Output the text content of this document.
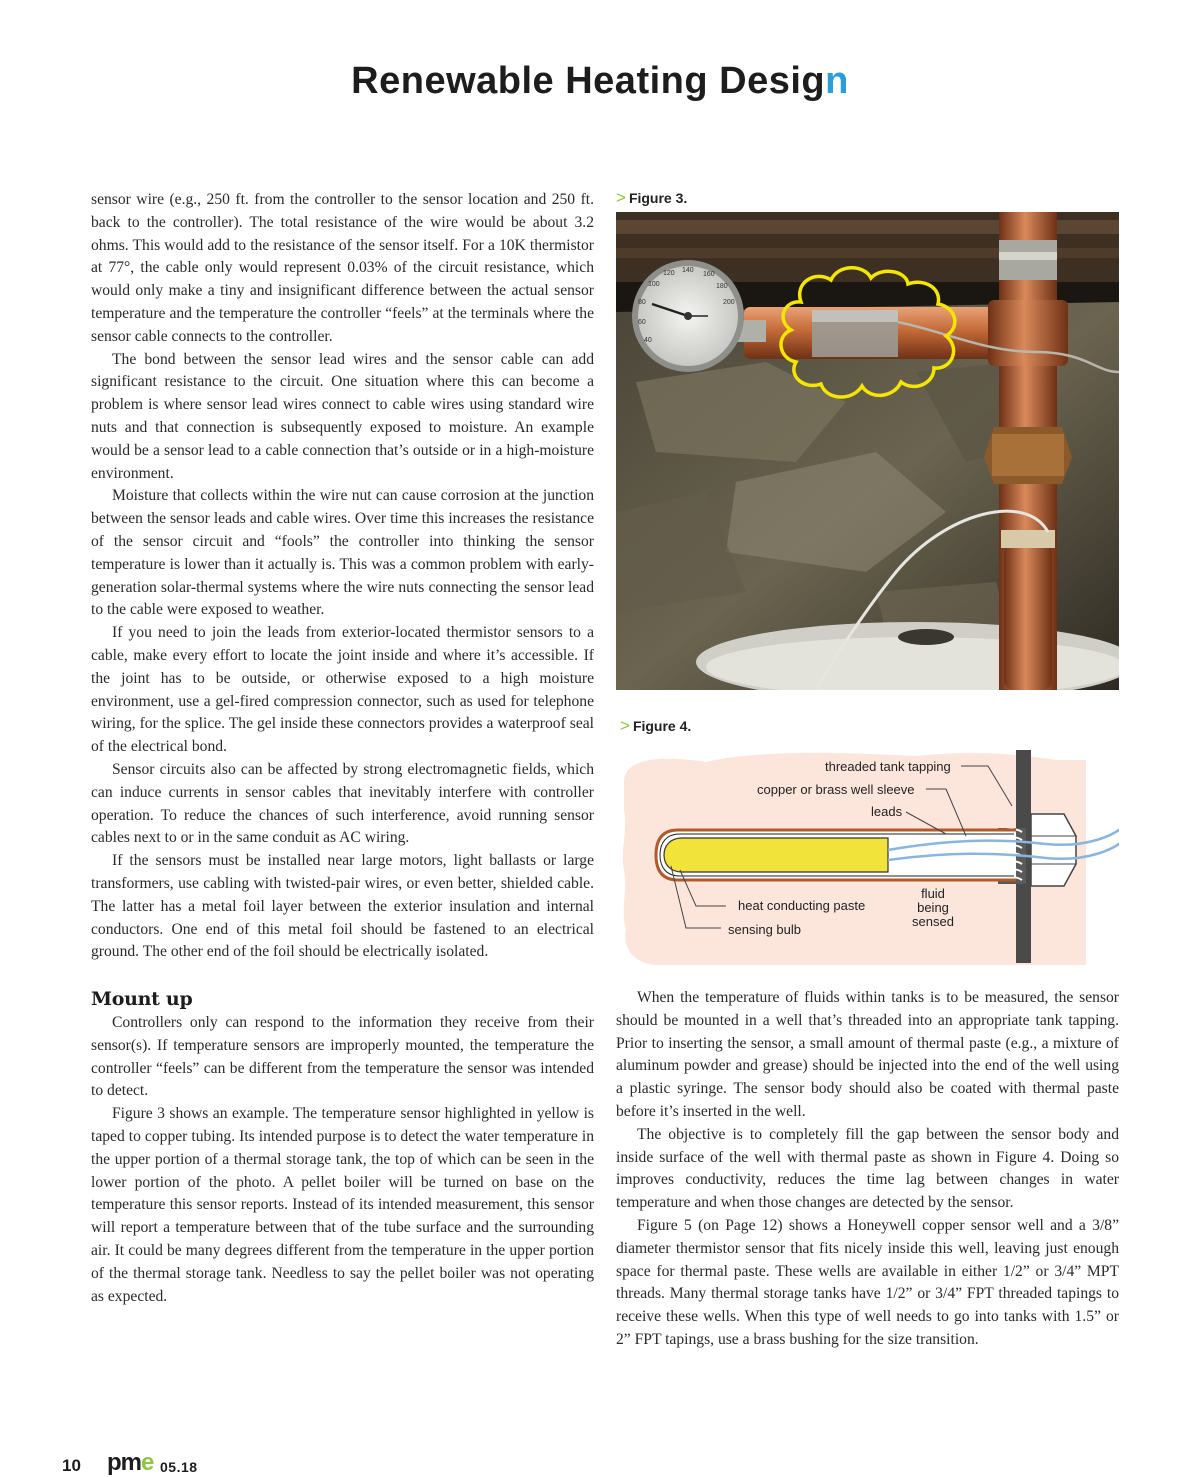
Renewable Heating Design

sensor wire (e.g., 250 ft. from the controller to the sensor location and 250 ft. back to the controller). The total resistance of the wire would be about 3.2 ohms. This would add to the resistance of the sensor itself. For a 10K thermistor at 77°, the cable only would represent 0.03% of the circuit resistance, which would only make a tiny and insignificant difference between the actual sensor temperature and the temperature the controller “feels” at the terminals where the sensor cable connects to the controller.

The bond between the sensor lead wires and the sensor cable can add significant resistance to the circuit. One situation where this can become a problem is where sensor lead wires connect to cable wires using standard wire nuts and that connection is subsequently exposed to moisture. An example would be a sensor lead to a cable connection that’s outside or in a high-moisture environment.

Moisture that collects within the wire nut can cause corrosion at the junction between the sensor leads and cable wires. Over time this increases the resistance of the sensor circuit and “fools” the controller into thinking the sensor temperature is lower than it actually is. This was a common problem with early-generation solar-thermal systems where the wire nuts connecting the sensor lead to the cable were exposed to weather.

If you need to join the leads from exterior-located thermistor sensors to a cable, make every effort to locate the joint inside and where it’s accessible. If the joint has to be outside, or otherwise exposed to a high moisture environment, use a gel-fired compression connector, such as used for telephone wiring, for the splice. The gel inside these connectors provides a waterproof seal of the electrical bond.

Sensor circuits also can be affected by strong electromagnetic fields, which can induce currents in sensor cables that inevitably interfere with controller operation. To reduce the chances of such interference, avoid running sensor cables next to or in the same conduit as AC wiring.

If the sensors must be installed near large motors, light ballasts or large transformers, use cabling with twisted-pair wires, or even better, shielded cable. The latter has a metal foil layer between the exterior insulation and internal conductors. One end of this metal foil should be fastened to an electrical ground. The other end of the foil should be electrically isolated.

Mount up

Controllers only can respond to the information they receive from their sensor(s). If temperature sensors are improperly mounted, the temperature the controller “feels” can be different from the temperature the sensor was intended to detect.

Figure 3 shows an example. The temperature sensor highlighted in yellow is taped to copper tubing. Its intended purpose is to detect the water temperature in the upper portion of a thermal storage tank, the top of which can be seen in the lower portion of the photo. A pellet boiler will be turned on base on the temperature this sensor reports. Instead of its intended measurement, this sensor will report a temperature between that of the tube surface and the surrounding air. It could be many degrees different from the temperature in the upper portion of the thermal storage tank. Needless to say the pellet boiler was not operating as expected.

> Figure 3.
40
60
80
100
120 140
160
180
200
> Figure 4.
threaded tank tapping
copper or brass well sleeve
leads
heat conducting paste
sensing bulb
fluid
being
sensed

When the temperature of fluids within tanks is to be measured, the sensor should be mounted in a well that’s threaded into an appropriate tank tapping. Prior to inserting the sensor, a small amount of thermal paste (e.g., a mixture of aluminum powder and grease) should be injected into the end of the well using a plastic syringe. The sensor body should also be coated with thermal paste before it’s inserted in the well.

The objective is to completely fill the gap between the sensor body and inside surface of the well with thermal paste as shown in Figure 4. Doing so improves conductivity, reduces the time lag between changes in water temperature and when those changes are detected by the sensor.

Figure 5 (on Page 12) shows a Honeywell copper sensor well and a 3/8” diameter thermistor sensor that fits nicely inside this well, leaving just enough space for thermal paste. These wells are available in either 1/2” or 3/4” MPT threads. Many thermal storage tanks have 1/2” or 3/4” FPT threaded tapings to receive these wells. When this type of well needs to go into tanks with 1.5” or 2” FPT tapings, use a brass bushing for the size transition.

10 pme 05.18
